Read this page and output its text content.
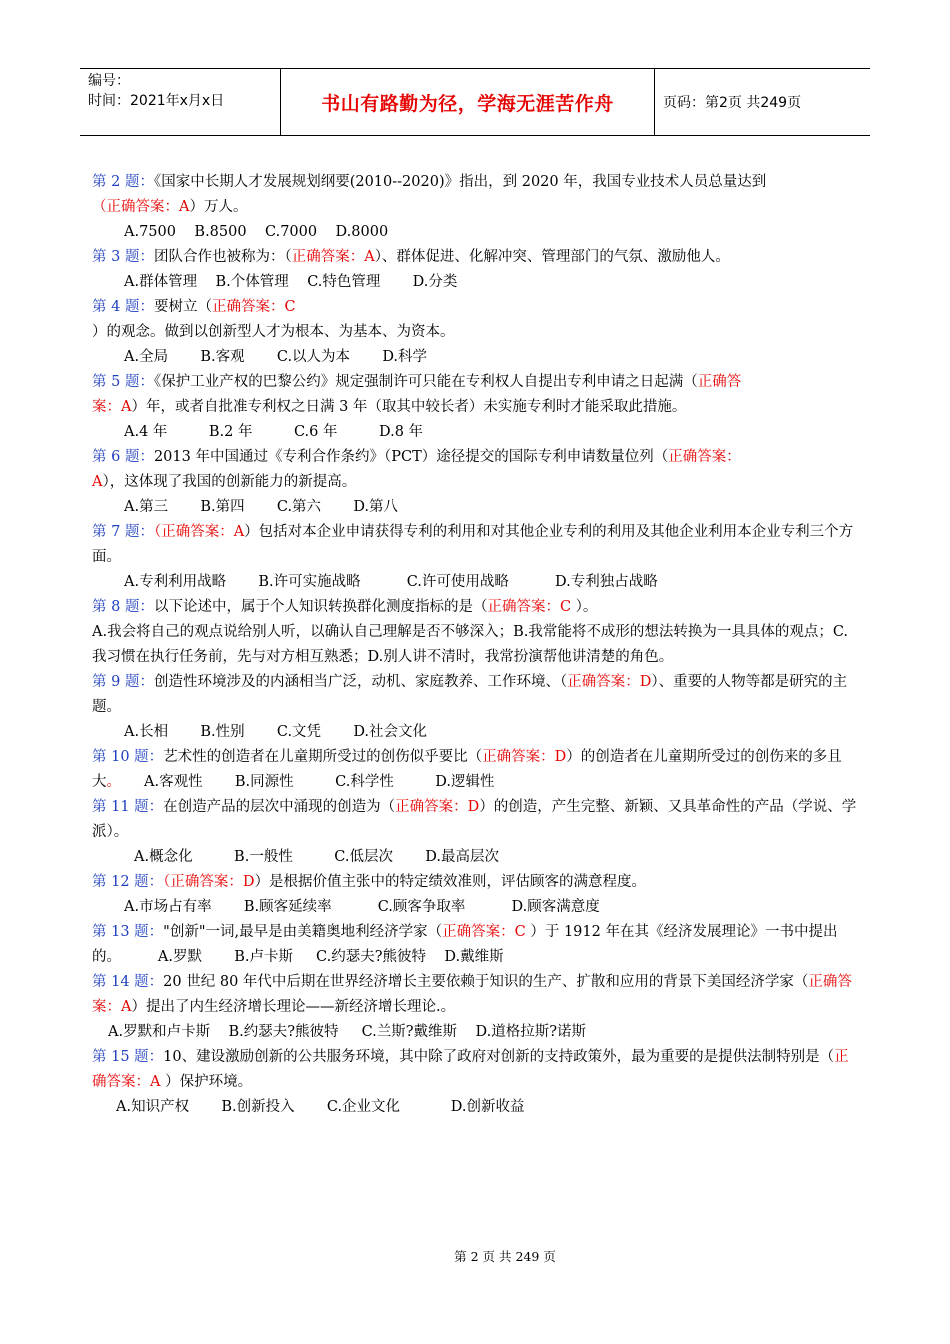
编号：
时间：2021年x月x日	书山有路勤为径，学海无涯苦作舟	页码：第2页 共249页

第 2 题：《国家中长期人才发展规划纲要(2010--2020)》指出，到 2020 年，我国专业技术人员总量达到
（正确答案：A）万人。

A.7500    B.8500    C.7000    D.8000

第 3 题：团队合作也被称为：（正确答案：A）、群体促进、化解冲突、管理部门的气氛、激励他人。

A.群体管理    B.个体管理    C.特色管理       D.分类

第 4 题：要树立（正确答案：C
）的观念。做到以创新型人才为根本、为基本、为资本。

A.全局       B.客观       C.以人为本       D.科学

第 5 题：《保护工业产权的巴黎公约》规定强制许可只能在专利权人自提出专利申请之日起满（正确答
案：A）年，或者自批准专利权之日满 3 年（取其中较长者）未实施专利时才能采取此措施。

A.4 年         B.2 年         C.6 年         D.8 年

第 6 题：2013 年中国通过《专利合作条约》（PCT）途径提交的国际专利申请数量位列（正确答案：
A），这体现了我国的创新能力的新提高。

A.第三       B.第四       C.第六       D.第八

第 7 题：（正确答案：A）包括对本企业申请获得专利的利用和对其他企业专利的利用及其他企业利用本企业专利三个方面。

A.专利利用战略       B.许可实施战略          C.许可使用战略          D.专利独占战略

第 8 题：以下论述中，属于个人知识转换群化测度指标的是（正确答案：C ）。

A.我会将自己的观点说给别人听，以确认自己理解是否不够深入；B.我常能将不成形的想法转换为一具具体的观点；C.我习惯在执行任务前，先与对方相互熟悉；D.别人讲不清时，我常扮演帮他讲清楚的角色。

第 9 题：创造性环境涉及的内涵相当广泛，动机、家庭教养、工作环境、（正确答案：D）、重要的人物等都是研究的主题。

A.长相       B.性别       C.文凭       D.社会文化

第 10 题：艺术性的创造者在儿童期所受过的创伤似乎要比（正确答案：D）的创造者在儿童期所受过的创伤来的多且大。     A.客观性       B.同源性         C.科学性         D.逻辑性

第 11 题：在创造产品的层次中涌现的创造为（正确答案：D）的创造，产生完整、新颖、又具革命性的产品（学说、学派）。

A.概念化         B.一般性         C.低层次       D.最高层次

第 12 题：（正确答案：D）是根据价值主张中的特定绩效准则，评估顾客的满意程度。

A.市场占有率       B.顾客延续率          C.顾客争取率          D.顾客满意度

第 13 题："创新"一词,最早是由美籍奥地利经济学家（正确答案：C ）于 1912 年在其《经济发展理论》一书中提出的。        A.罗默       B.卢卡斯     C.约瑟夫?熊彼特    D.戴维斯

第 14 题：20 世纪 80 年代中后期在世界经济增长主要依赖于知识的生产、扩散和应用的背景下美国经济学家（正确答案：A）提出了内生经济增长理论——新经济增长理论.。

A.罗默和卢卡斯    B.约瑟夫?熊彼特     C.兰斯?戴维斯    D.道格拉斯?诺斯

第 15 题：10、建设激励创新的公共服务环境，其中除了政府对创新的支持政策外，最为重要的是提供法制特别是（正确答案：A ）保护环境。

A.知识产权       B.创新投入       C.企业文化           D.创新收益

第 2 页 共 249 页
